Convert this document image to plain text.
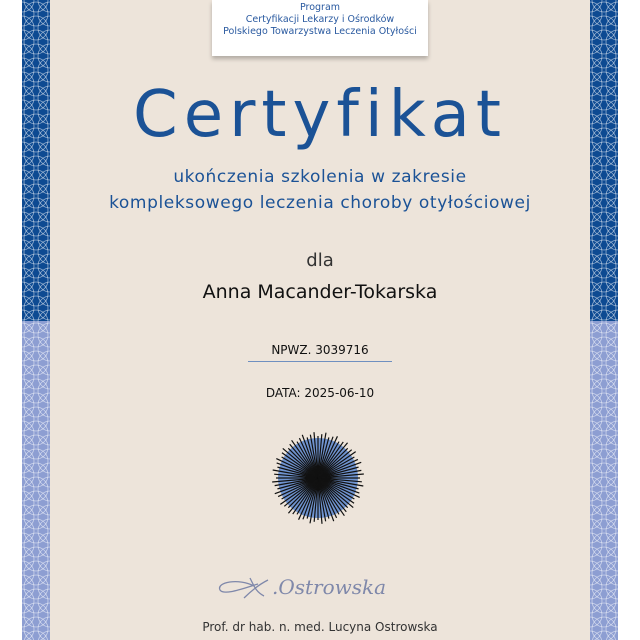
Program
Certyfikacji Lekarzy i Ośrodków
Polskiego Towarzystwa Leczenia Otyłości
Certyfikat
ukończenia szkolenia w zakresie
kompleksowego leczenia choroby otyłościowej
dla
Anna Macander-Tokarska
NPWZ. 3039716
DATA: 2025-06-10
.Ostrowska
Prof. dr hab. n. med. Lucyna Ostrowska
